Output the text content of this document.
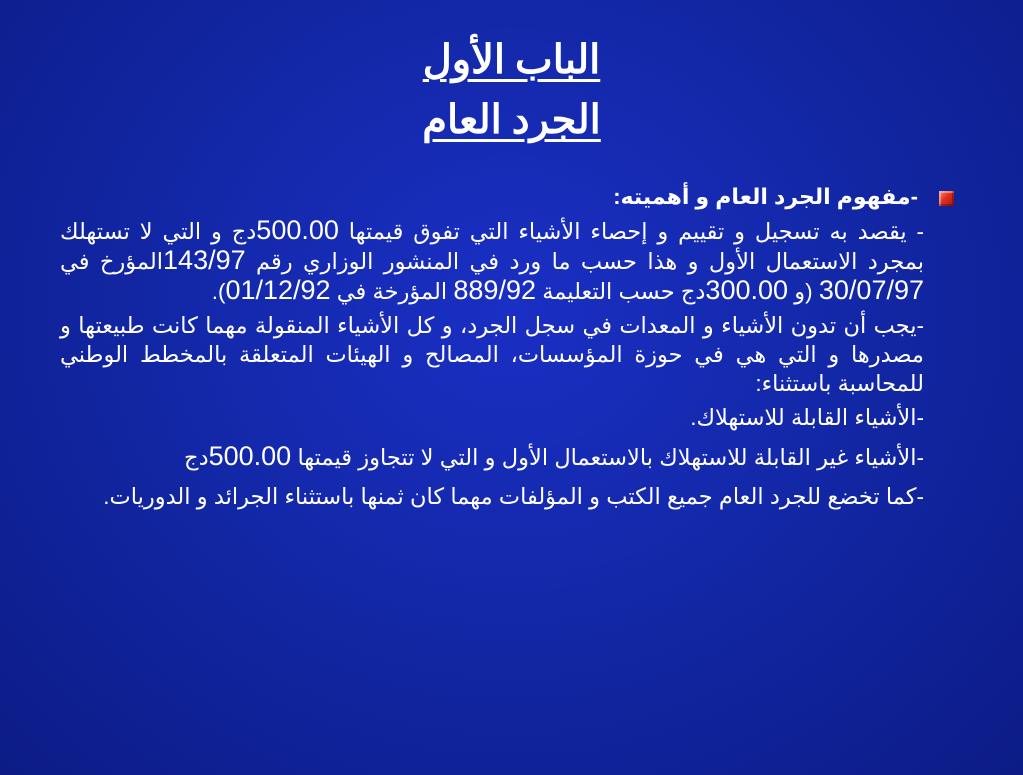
الباب الأول
الجرد العام
-مفهوم الجرد العام و أهميته:
- يقصد به تسجيل و تقييم و إحصاء الأشياء التي تفوق قيمتها 500.00دج و التي لا تستهلك بمجرد الاستعمال الأول و هذا حسب ما ورد في المنشور الوزاري رقم 143/97المؤرخ في 30/07/97 (و 300.00دج حسب التعليمة 889/92 المؤرخة في 01/12/92).
-يجب أن تدون الأشياء و المعدات في سجل الجرد، و كل الأشياء المنقولة مهما كانت طبيعتها و مصدرها و التي هي في حوزة المؤسسات، المصالح و الهيئات المتعلقة بالمخطط الوطني للمحاسبة باستثناء:
-الأشياء القابلة للاستهلاك.
-الأشياء غير القابلة للاستهلاك بالاستعمال الأول و التي لا تتجاوز قيمتها 500.00دج
-كما تخضع للجرد العام جميع الكتب و المؤلفات مهما كان ثمنها باستثناء الجرائد و الدوريات.
